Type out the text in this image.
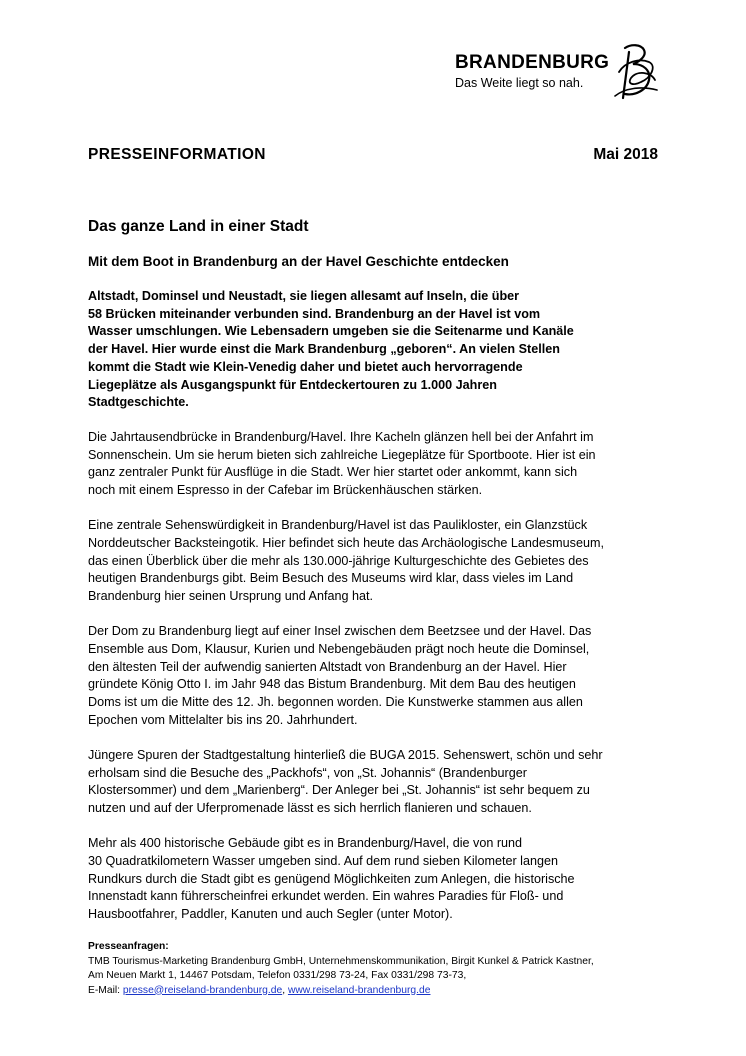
BRANDENBURG
Das Weite liegt so nah.
PRESSEINFORMATION	Mai 2018
Das ganze Land in einer Stadt
Mit dem Boot in Brandenburg an der Havel Geschichte entdecken
Altstadt, Dominsel und Neustadt, sie liegen allesamt auf Inseln, die über
58 Brücken miteinander verbunden sind. Brandenburg an der Havel ist vom
Wasser umschlungen. Wie Lebensadern umgeben sie die Seitenarme und Kanäle
der Havel. Hier wurde einst die Mark Brandenburg „geboren“. An vielen Stellen
kommt die Stadt wie Klein-Venedig daher und bietet auch hervorragende
Liegeplätze als Ausgangspunkt für Entdeckertouren zu 1.000 Jahren
Stadtgeschichte.
Die Jahrtausendbrücke in Brandenburg/Havel. Ihre Kacheln glänzen hell bei der Anfahrt im
Sonnenschein. Um sie herum bieten sich zahlreiche Liegeplätze für Sportboote. Hier ist ein
ganz zentraler Punkt für Ausflüge in die Stadt. Wer hier startet oder ankommt, kann sich
noch mit einem Espresso in der Cafebar im Brückenhäuschen stärken.
Eine zentrale Sehenswürdigkeit in Brandenburg/Havel ist das Paulikloster, ein Glanzstück
Norddeutscher Backsteingotik. Hier befindet sich heute das Archäologische Landesmuseum,
das einen Überblick über die mehr als 130.000-jährige Kulturgeschichte des Gebietes des
heutigen Brandenburgs gibt. Beim Besuch des Museums wird klar, dass vieles im Land
Brandenburg hier seinen Ursprung und Anfang hat.
Der Dom zu Brandenburg liegt auf einer Insel zwischen dem Beetzsee und der Havel. Das
Ensemble aus Dom, Klausur, Kurien und Nebengebäuden prägt noch heute die Dominsel,
den ältesten Teil der aufwendig sanierten Altstadt von Brandenburg an der Havel. Hier
gründete König Otto I. im Jahr 948 das Bistum Brandenburg. Mit dem Bau des heutigen
Doms ist um die Mitte des 12. Jh. begonnen worden. Die Kunstwerke stammen aus allen
Epochen vom Mittelalter bis ins 20. Jahrhundert.
Jüngere Spuren der Stadtgestaltung hinterließ die BUGA 2015. Sehenswert, schön und sehr
erholsam sind die Besuche des „Packhofs“, von „St. Johannis“ (Brandenburger
Klostersommer) und dem „Marienberg“. Der Anleger bei „St. Johannis“ ist sehr bequem zu
nutzen und auf der Uferpromenade lässt es sich herrlich flanieren und schauen.
Mehr als 400 historische Gebäude gibt es in Brandenburg/Havel, die von rund
30 Quadratkilometern Wasser umgeben sind. Auf dem rund sieben Kilometer langen
Rundkurs durch die Stadt gibt es genügend Möglichkeiten zum Anlegen, die historische
Innenstadt kann führerscheinfrei erkundet werden. Ein wahres Paradies für Floß- und
Hausbootfahrer, Paddler, Kanuten und auch Segler (unter Motor).
Presseanfragen:
TMB Tourismus-Marketing Brandenburg GmbH, Unternehmenskommunikation, Birgit Kunkel & Patrick Kastner,
Am Neuen Markt 1, 14467 Potsdam, Telefon 0331/298 73-24, Fax 0331/298 73-73,
E-Mail: presse@reiseland-brandenburg.de, www.reiseland-brandenburg.de
